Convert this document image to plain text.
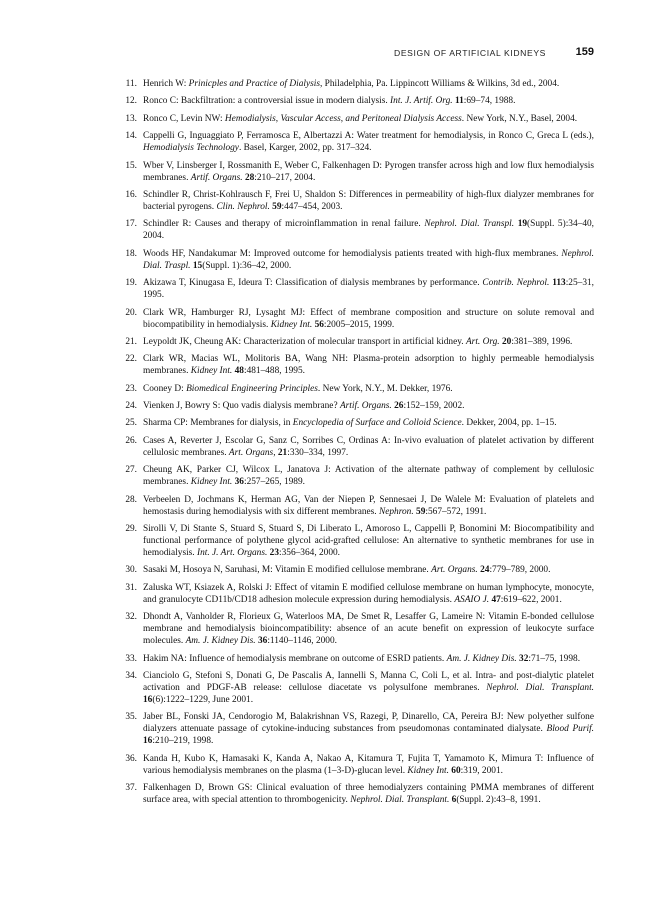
DESIGN OF ARTIFICIAL KIDNEYS	159
11. Henrich W: Prinicples and Practice of Dialysis, Philadelphia, Pa. Lippincott Williams & Wilkins, 3d ed., 2004.
12. Ronco C: Backfiltration: a controversial issue in modern dialysis. Int. J. Artif. Org. 11:69–74, 1988.
13. Ronco C, Levin NW: Hemodialysis, Vascular Access, and Peritoneal Dialysis Access. New York, N.Y., Basel, 2004.
14. Cappelli G, Inguaggiato P, Ferramosca E, Albertazzi A: Water treatment for hemodialysis, in Ronco C, Greca L (eds.), Hemodialysis Technology. Basel, Karger, 2002, pp. 317–324.
15. Wber V, Linsberger I, Rossmanith E, Weber C, Falkenhagen D: Pyrogen transfer across high and low flux hemodialysis membranes. Artif. Organs. 28:210–217, 2004.
16. Schindler R, Christ-Kohlrausch F, Frei U, Shaldon S: Differences in permeability of high-flux dialyzer membranes for bacterial pyrogens. Clin. Nephrol. 59:447–454, 2003.
17. Schindler R: Causes and therapy of microinflammation in renal failure. Nephrol. Dial. Transpl. 19(Suppl. 5):34–40, 2004.
18. Woods HF, Nandakumar M: Improved outcome for hemodialysis patients treated with high-flux membranes. Nephrol. Dial. Traspl. 15(Suppl. 1):36–42, 2000.
19. Akizawa T, Kinugasa E, Ideura T: Classification of dialysis membranes by performance. Contrib. Nephrol. 113:25–31, 1995.
20. Clark WR, Hamburger RJ, Lysaght MJ: Effect of membrane composition and structure on solute removal and biocompatibility in hemodialysis. Kidney Int. 56:2005–2015, 1999.
21. Leypoldt JK, Cheung AK: Characterization of molecular transport in artificial kidney. Art. Org. 20:381–389, 1996.
22. Clark WR, Macias WL, Molitoris BA, Wang NH: Plasma-protein adsorption to highly permeable hemodialysis membranes. Kidney Int. 48:481–488, 1995.
23. Cooney D: Biomedical Engineering Principles. New York, N.Y., M. Dekker, 1976.
24. Vienken J, Bowry S: Quo vadis dialysis membrane? Artif. Organs. 26:152–159, 2002.
25. Sharma CP: Membranes for dialysis, in Encyclopedia of Surface and Colloid Science. Dekker, 2004, pp. 1–15.
26. Cases A, Reverter J, Escolar G, Sanz C, Sorribes C, Ordinas A: In-vivo evaluation of platelet activation by different cellulosic membranes. Art. Organs, 21:330–334, 1997.
27. Cheung AK, Parker CJ, Wilcox L, Janatova J: Activation of the alternate pathway of complement by cellulosic membranes. Kidney Int. 36:257–265, 1989.
28. Verbeelen D, Jochmans K, Herman AG, Van der Niepen P, Sennesaei J, De Walele M: Evaluation of platelets and hemostasis during hemodialysis with six different membranes. Nephron. 59:567–572, 1991.
29. Sirolli V, Di Stante S, Stuard S, Stuard S, Di Liberato L, Amoroso L, Cappelli P, Bonomini M: Biocompatibility and functional performance of polythene glycol acid-grafted cellulose: An alternative to synthetic membranes for use in hemodialysis. Int. J. Art. Organs. 23:356–364, 2000.
30. Sasaki M, Hosoya N, Saruhasi, M: Vitamin E modified cellulose membrane. Art. Organs. 24:779–789, 2000.
31. Zaluska WT, Ksiazek A, Rolski J: Effect of vitamin E modified cellulose membrane on human lymphocyte, monocyte, and granulocyte CD11b/CD18 adhesion molecule expression during hemodialysis. ASAIO J. 47:619–622, 2001.
32. Dhondt A, Vanholder R, Florieux G, Waterloos MA, De Smet R, Lesaffer G, Lameire N: Vitamin E-bonded cellulose membrane and hemodialysis bioincompatibility: absence of an acute benefit on expression of leukocyte surface molecules. Am. J. Kidney Dis. 36:1140–1146, 2000.
33. Hakim NA: Influence of hemodialysis membrane on outcome of ESRD patients. Am. J. Kidney Dis. 32:71–75, 1998.
34. Cianciolo G, Stefoni S, Donati G, De Pascalis A, Iannelli S, Manna C, Coli L, et al. Intra- and post-dialytic platelet activation and PDGF-AB release: cellulose diacetate vs polysulfone membranes. Nephrol. Dial. Transplant. 16(6):1222–1229, June 2001.
35. Jaber BL, Fonski JA, Cendorogio M, Balakrishnan VS, Razegi, P, Dinarello, CA, Pereira BJ: New polyether sulfone dialyzers attenuate passage of cytokine-inducing substances from pseudomonas contaminated dialysate. Blood Purif. 16:210–219, 1998.
36. Kanda H, Kubo K, Hamasaki K, Kanda A, Nakao A, Kitamura T, Fujita T, Yamamoto K, Mimura T: Influence of various hemodialysis membranes on the plasma (1–3-D)-glucan level. Kidney Int. 60:319, 2001.
37. Falkenhagen D, Brown GS: Clinical evaluation of three hemodialyzers containing PMMA membranes of different surface area, with special attention to thrombogenicity. Nephrol. Dial. Transplant. 6(Suppl. 2):43–8, 1991.
